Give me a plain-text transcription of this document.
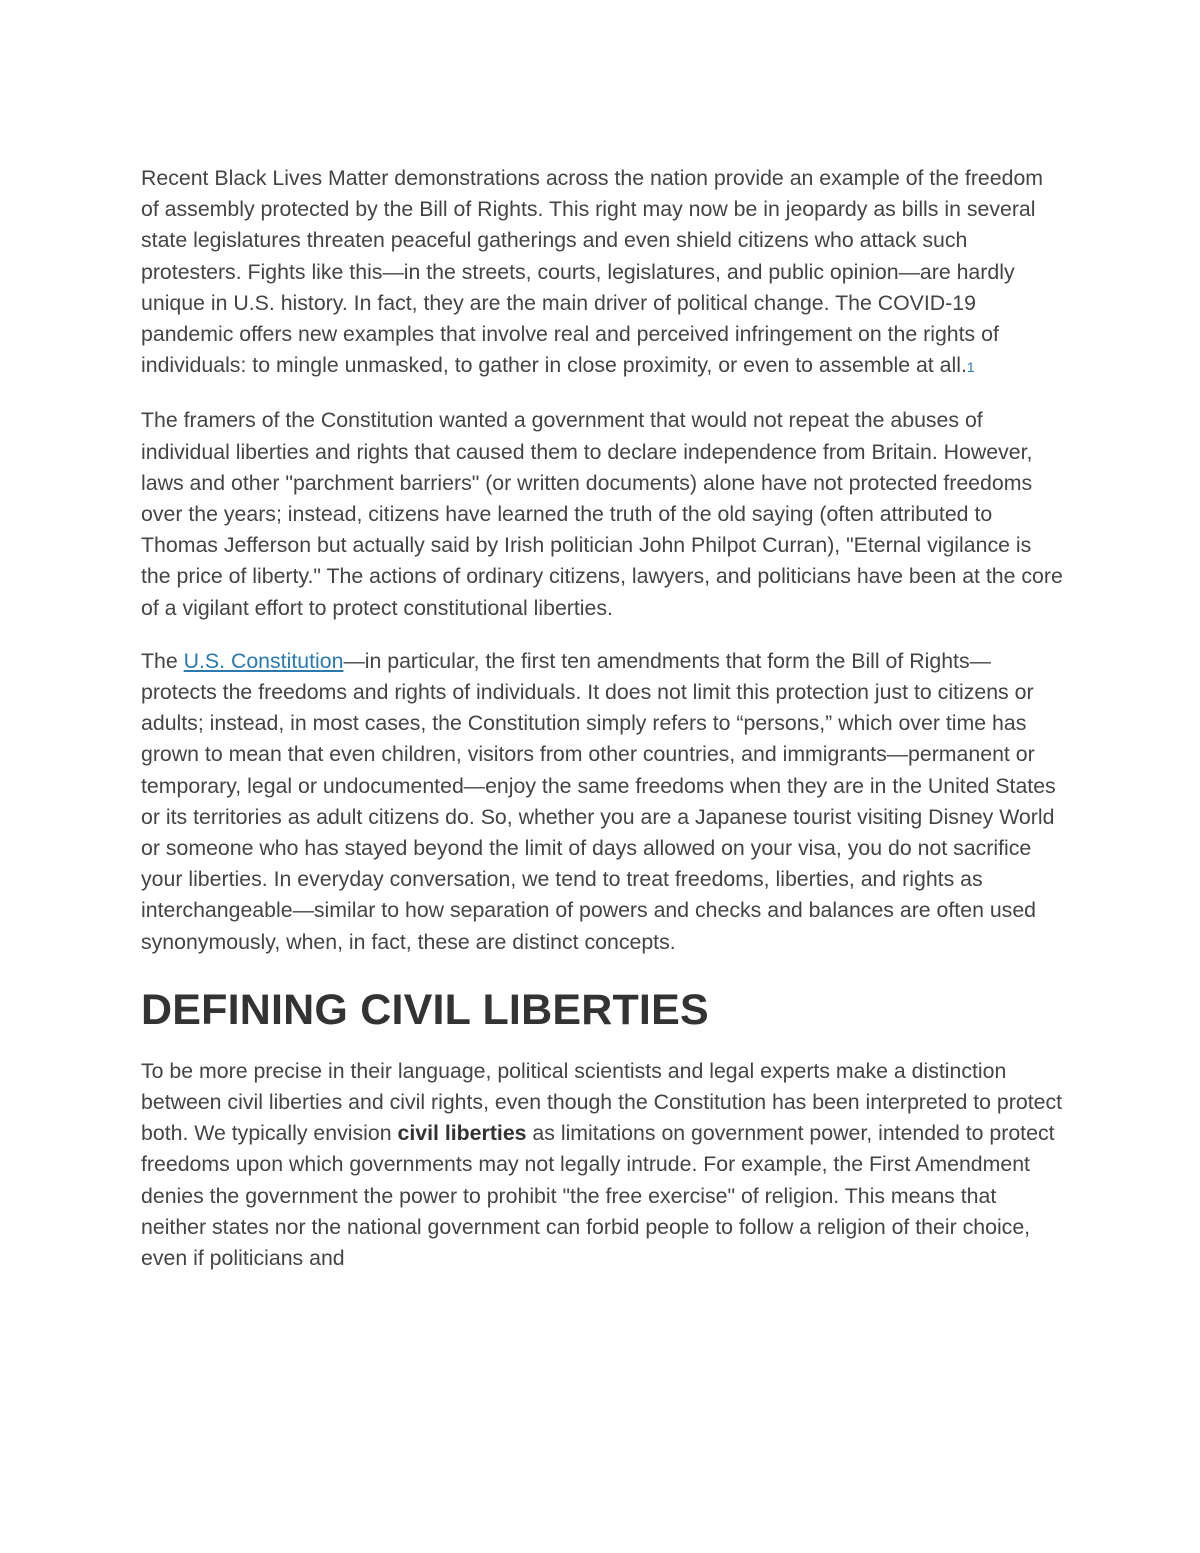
Recent Black Lives Matter demonstrations across the nation provide an example of the freedom of assembly protected by the Bill of Rights. This right may now be in jeopardy as bills in several state legislatures threaten peaceful gatherings and even shield citizens who attack such protesters. Fights like this—in the streets, courts, legislatures, and public opinion—are hardly unique in U.S. history. In fact, they are the main driver of political change. The COVID-19 pandemic offers new examples that involve real and perceived infringement on the rights of individuals: to mingle unmasked, to gather in close proximity, or even to assemble at all.1

The framers of the Constitution wanted a government that would not repeat the abuses of individual liberties and rights that caused them to declare independence from Britain. However, laws and other "parchment barriers" (or written documents) alone have not protected freedoms over the years; instead, citizens have learned the truth of the old saying (often attributed to Thomas Jefferson but actually said by Irish politician John Philpot Curran), "Eternal vigilance is the price of liberty." The actions of ordinary citizens, lawyers, and politicians have been at the core of a vigilant effort to protect constitutional liberties.

The U.S. Constitution—in particular, the first ten amendments that form the Bill of Rights—protects the freedoms and rights of individuals. It does not limit this protection just to citizens or adults; instead, in most cases, the Constitution simply refers to “persons,” which over time has grown to mean that even children, visitors from other countries, and immigrants—permanent or temporary, legal or undocumented—enjoy the same freedoms when they are in the United States or its territories as adult citizens do. So, whether you are a Japanese tourist visiting Disney World or someone who has stayed beyond the limit of days allowed on your visa, you do not sacrifice your liberties. In everyday conversation, we tend to treat freedoms, liberties, and rights as interchangeable—similar to how separation of powers and checks and balances are often used synonymously, when, in fact, these are distinct concepts.

DEFINING CIVIL LIBERTIES

To be more precise in their language, political scientists and legal experts make a distinction between civil liberties and civil rights, even though the Constitution has been interpreted to protect both. We typically envision civil liberties as limitations on government power, intended to protect freedoms upon which governments may not legally intrude. For example, the First Amendment denies the government the power to prohibit "the free exercise" of religion. This means that neither states nor the national government can forbid people to follow a religion of their choice, even if politicians and
